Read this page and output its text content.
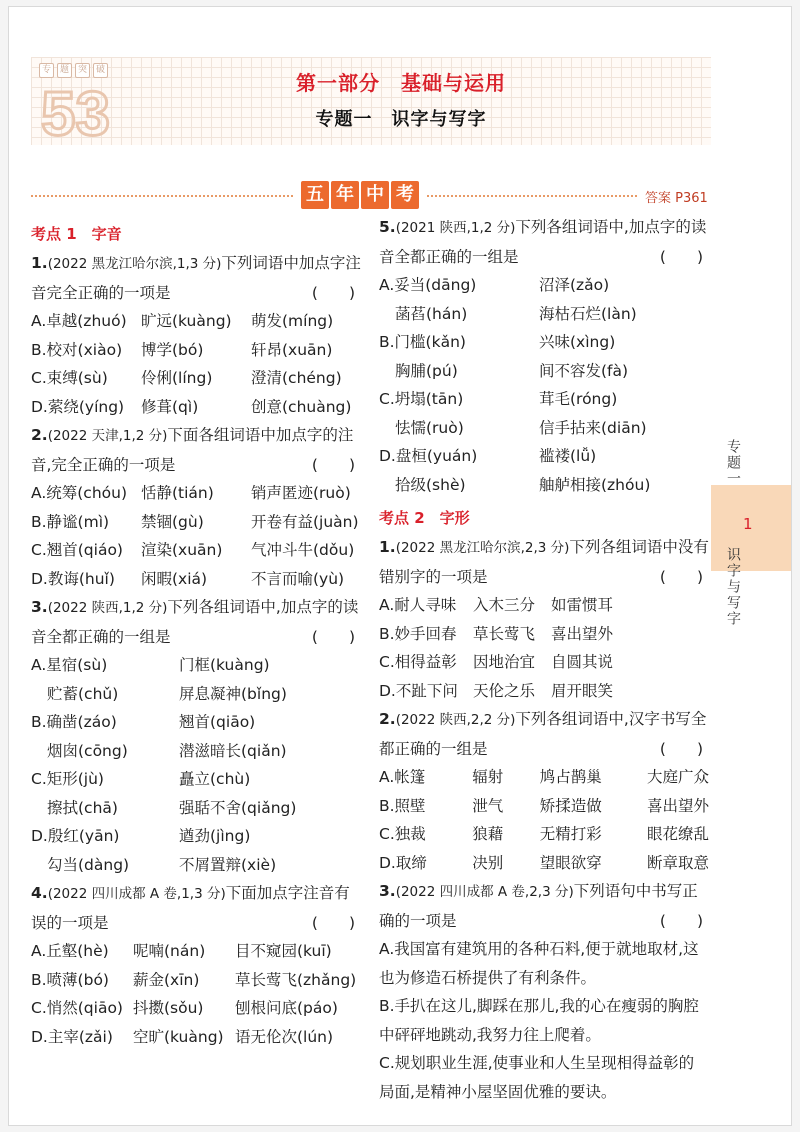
53
专 题 突 破
第一部分　基础与运用
专题一　识字与写字
五 年 中 考	答案 P361
考点 1　字音
1.(2022 黑龙江哈尔滨,1,3 分)下列词语中加点字注音完全正确的一项是	(　　)
A.卓越(zhuó) 旷远(kuàng)	萌发(míng)
B.校对(xiào)	博学(bó)	轩昂(xuān)
C.束缚(sù)	伶俐(líng)	澄清(chéng)
D.萦绕(yíng)	修葺(qì)	创意(chuàng)
2.(2022 天津,1,2 分)下面各组词语中加点字的注音,完全正确的一项是	(　　)
A.统筹(chóu) 恬静(tián)	销声匿迹(ruò)
B.静谧(mì)	禁锢(gù)	开卷有益(juàn)
C.翘首(qiáo)	渲染(xuān)	气冲斗牛(dǒu)
D.教诲(huǐ)	闲暇(xiá)	不言而喻(yù)
3.(2022 陕西,1,2 分)下列各组词语中,加点字的读音全都正确的一组是	(　　)
A.星宿(sù)	门框(kuàng)
贮蓄(chǔ)	屏息凝神(bǐng)
B.确凿(záo)	翘首(qiāo)
烟囱(cōng)	潜滋暗长(qiǎn)
C.矩形(jù)	矗立(chù)
擦拭(chā)	强聒不舍(qiǎng)
D.殷红(yān)	遒劲(jìng)
勾当(dàng)	不屑置辩(xiè)
4.(2022 四川成都 A 卷,1,3 分)下面加点字注音有误的一项是	(　　)
A.丘壑(hè)	呢喃(nán)	目不窥园(kuī)
B.喷薄(bó)	薪金(xīn)	草长莺飞(zhǎng)
C.悄然(qiāo) 抖擞(sǒu)	刨根问底(páo)
D.主宰(zǎi)	空旷(kuàng) 语无伦次(lún)
5.(2021 陕西,1,2 分)下列各组词语中,加点字的读音全都正确的一组是	(　　)
A.妥当(dāng)	沼泽(zǎo)
菡萏(hán)	海枯石烂(làn)
B.门槛(kǎn)	兴味(xìng)
胸脯(pú)	间不容发(fà)
C.坍塌(tān)	茸毛(róng)
怯懦(ruò)	信手拈来(diān)
D.盘桓(yuán)	褴褛(lǚ)
拾级(shè)	舳舻相接(zhóu)
考点 2　字形
1.(2022 黑龙江哈尔滨,2,3 分)下列各组词语中没有错别字的一项是	(　　)
A.耐人寻味	入木三分	如雷惯耳
B.妙手回春	草长莺飞	喜出望外
C.相得益彰	因地治宜	自圆其说
D.不趾下问 天伦之乐	眉开眼笑
2.(2022 陕西,2,2 分)下列各组词语中,汉字书写全都正确的一组是	(　　)
A.帐篷	辐射	鸠占鹊巢	大庭广众
B.照壁	泄气	矫揉造做	喜出望外
C.独裁	狼藉	无精打彩	眼花缭乱
D.取缔	决别	望眼欲穿	断章取意
3.(2022 四川成都 A 卷,2,3 分)下列语句中书写正确的一项是	(　　)
A.我国富有建筑用的各种石料,便于就地取材,这也为修造石桥提供了有利条件。
B.手扒在这儿,脚踩在那儿,我的心在瘦弱的胸腔中砰砰地跳动,我努力往上爬着。
C.规划职业生涯,使事业和人生呈现相得益彰的局面,是精神小屋坚固优雅的要诀。
专题一
1
识字与写字
